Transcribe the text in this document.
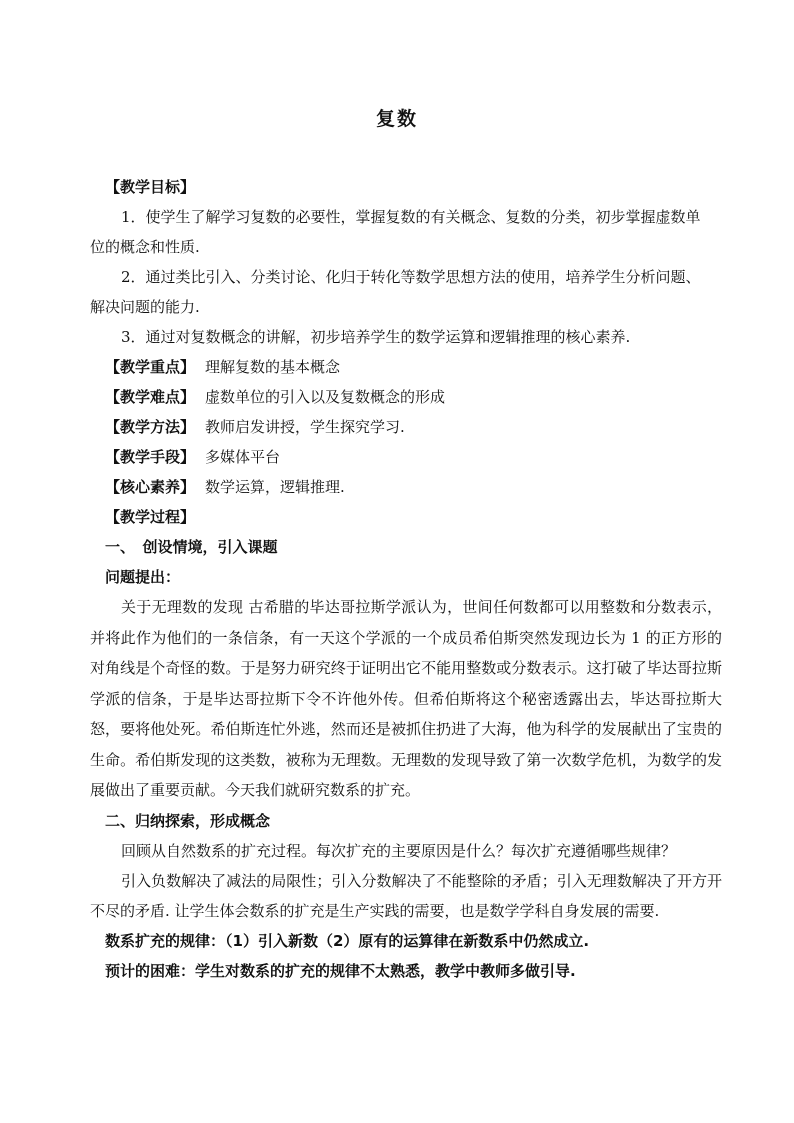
复数
【教学目标】
1．使学生了解学习复数的必要性，掌握复数的有关概念、复数的分类，初步掌握虚数单
位的概念和性质.
2．通过类比引入、分类讨论、化归于转化等数学思想方法的使用，培养学生分析问题、
解决问题的能力.
3．通过对复数概念的讲解，初步培养学生的数学运算和逻辑推理的核心素养.
【教学重点】 理解复数的基本概念
【教学难点】 虚数单位的引入以及复数概念的形成
【教学方法】 教师启发讲授，学生探究学习.
【教学手段】 多媒体平台
【核心素养】 数学运算，逻辑推理.
【教学过程】
一、　创设情境，引入课题
问题提出：
关于无理数的发现 古希腊的毕达哥拉斯学派认为，世间任何数都可以用整数和分数表示，并将此作为他们的一条信条，有一天这个学派的一个成员希伯斯突然发现边长为 1 的正方形的对角线是个奇怪的数。于是努力研究终于证明出它不能用整数或分数表示。这打破了毕达哥拉斯学派的信条，于是毕达哥拉斯下令不许他外传。但希伯斯将这个秘密透露出去，毕达哥拉斯大怒，要将他处死。希伯斯连忙外逃，然而还是被抓住扔进了大海，他为科学的发展献出了宝贵的生命。希伯斯发现的这类数，被称为无理数。无理数的发现导致了第一次数学危机，为数学的发展做出了重要贡献。今天我们就研究数系的扩充。
二、归纳探索，形成概念
回顾从自然数系的扩充过程。每次扩充的主要原因是什么？每次扩充遵循哪些规律？
引入负数解决了减法的局限性；引入分数解决了不能整除的矛盾；引入无理数解决了开方开不尽的矛盾. 让学生体会数系的扩充是生产实践的需要，也是数学学科自身发展的需要.
数系扩充的规律：（1）引入新数（2）原有的运算律在新数系中仍然成立.
预计的困难：学生对数系的扩充的规律不太熟悉，教学中教师多做引导.
